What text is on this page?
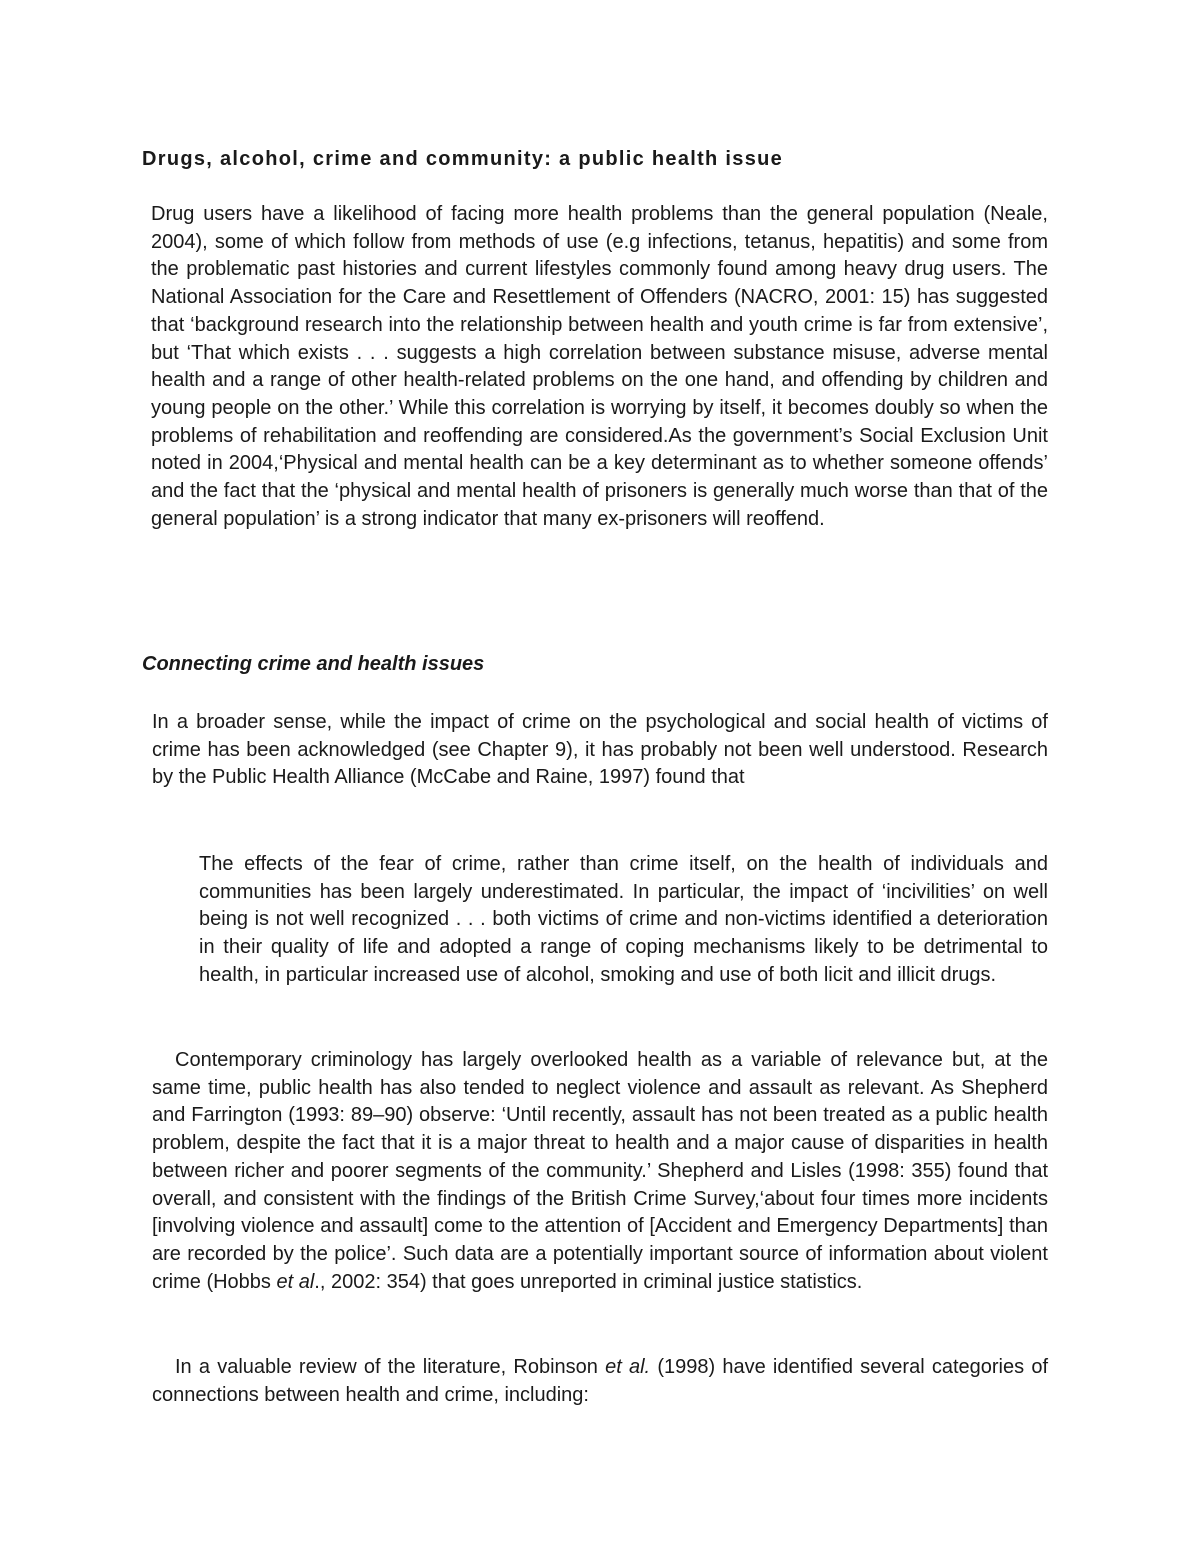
Drugs, alcohol, crime and community: a public health issue

Drug users have a likelihood of facing more health problems than the general population (Neale, 2004), some of which follow from methods of use (e.g infections, tetanus, hepatitis) and some from the problematic past histories and current lifestyles commonly found among heavy drug users. The National Association for the Care and Resettlement of Offenders (NACRO, 2001: 15) has suggested that ‘background research into the relationship between health and youth crime is far from extensive’, but ‘That which exists . . . suggests a high correlation between substance misuse, adverse mental health and a range of other health-related problems on the one hand, and offending by children and young people on the other.’ While this correlation is worrying by itself, it becomes doubly so when the problems of rehabilitation and reoffending are considered.As the government’s Social Exclusion Unit noted in 2004,‘Physical and mental health can be a key determinant as to whether someone offends’ and the fact that the ‘physical and mental health of prisoners is generally much worse than that of the general population’ is a strong indicator that many ex-prisoners will reoffend.

Connecting crime and health issues

In a broader sense, while the impact of crime on the psychological and social health of victims of crime has been acknowledged (see Chapter 9), it has probably not been well understood. Research by the Public Health Alliance (McCabe and Raine, 1997) found that

The effects of the fear of crime, rather than crime itself, on the health of individuals and communities has been largely underestimated. In particular, the impact of ‘incivilities’ on well being is not well recognized . . . both victims of crime and non-victims identified a deterioration in their quality of life and adopted a range of coping mechanisms likely to be detrimental to health, in particular increased use of alcohol, smoking and use of both licit and illicit drugs.

Contemporary criminology has largely overlooked health as a variable of relevance but, at the same time, public health has also tended to neglect violence and assault as relevant. As Shepherd and Farrington (1993: 89–90) observe: ‘Until recently, assault has not been treated as a public health problem, despite the fact that it is a major threat to health and a major cause of disparities in health between richer and poorer segments of the community.’ Shepherd and Lisles (1998: 355) found that overall, and consistent with the findings of the British Crime Survey,‘about four times more incidents [involving violence and assault] come to the attention of [Accident and Emergency Departments] than are recorded by the police’. Such data are a potentially important source of information about violent crime (Hobbs et al., 2002: 354) that goes unreported in criminal justice statistics.

In a valuable review of the literature, Robinson et al. (1998) have identified several categories of connections between health and crime, including:
